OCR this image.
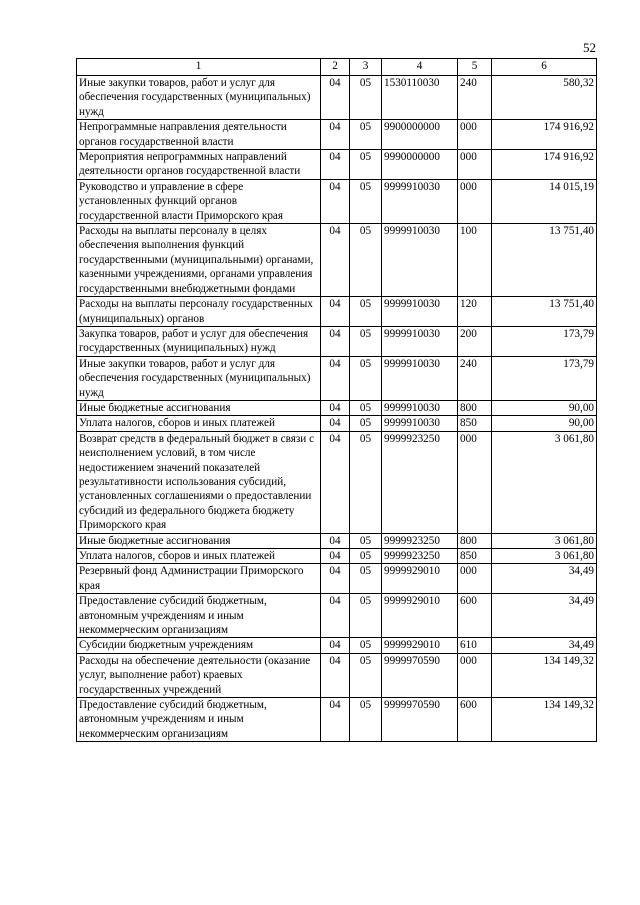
52
1	2	3	4	5	6
Иные закупки товаров, работ и услуг для обеспечения государственных (муниципальных) нужд	04	05	1530110030	240	580,32
Непрограммные направления деятельности органов государственной власти	04	05	9900000000	000	174 916,92
Мероприятия непрограммных направлений деятельности органов государственной власти	04	05	9990000000	000	174 916,92
Руководство и управление в сфере установленных функций органов государственной власти Приморского края	04	05	9999910030	000	14 015,19
Расходы на выплаты персоналу в целях обеспечения выполнения функций государственными (муниципальными) органами, казенными учреждениями, органами управления государственными внебюджетными фондами	04	05	9999910030	100	13 751,40
Расходы на выплаты персоналу государственных (муниципальных) органов	04	05	9999910030	120	13 751,40
Закупка товаров, работ и услуг для обеспечения государственных (муниципальных) нужд	04	05	9999910030	200	173,79
Иные закупки товаров, работ и услуг для обеспечения государственных (муниципальных) нужд	04	05	9999910030	240	173,79
Иные бюджетные ассигнования	04	05	9999910030	800	90,00
Уплата налогов, сборов и иных платежей	04	05	9999910030	850	90,00
Возврат средств в федеральный бюджет в связи с неисполнением условий, в том числе недостижением значений показателей результативности использования субсидий, установленных соглашениями о предоставлении субсидий из федерального бюджета бюджету Приморского края	04	05	9999923250	000	3 061,80
Иные бюджетные ассигнования	04	05	9999923250	800	3 061,80
Уплата налогов, сборов и иных платежей	04	05	9999923250	850	3 061,80
Резервный фонд Администрации Приморского края	04	05	9999929010	000	34,49
Предоставление субсидий бюджетным, автономным учреждениям и иным некоммерческим организациям	04	05	9999929010	600	34,49
Субсидии бюджетным учреждениям	04	05	9999929010	610	34,49
Расходы на обеспечение деятельности (оказание услуг, выполнение работ) краевых государственных учреждений	04	05	9999970590	000	134 149,32
Предоставление субсидий бюджетным, автономным учреждениям и иным некоммерческим организациям	04	05	9999970590	600	134 149,32
